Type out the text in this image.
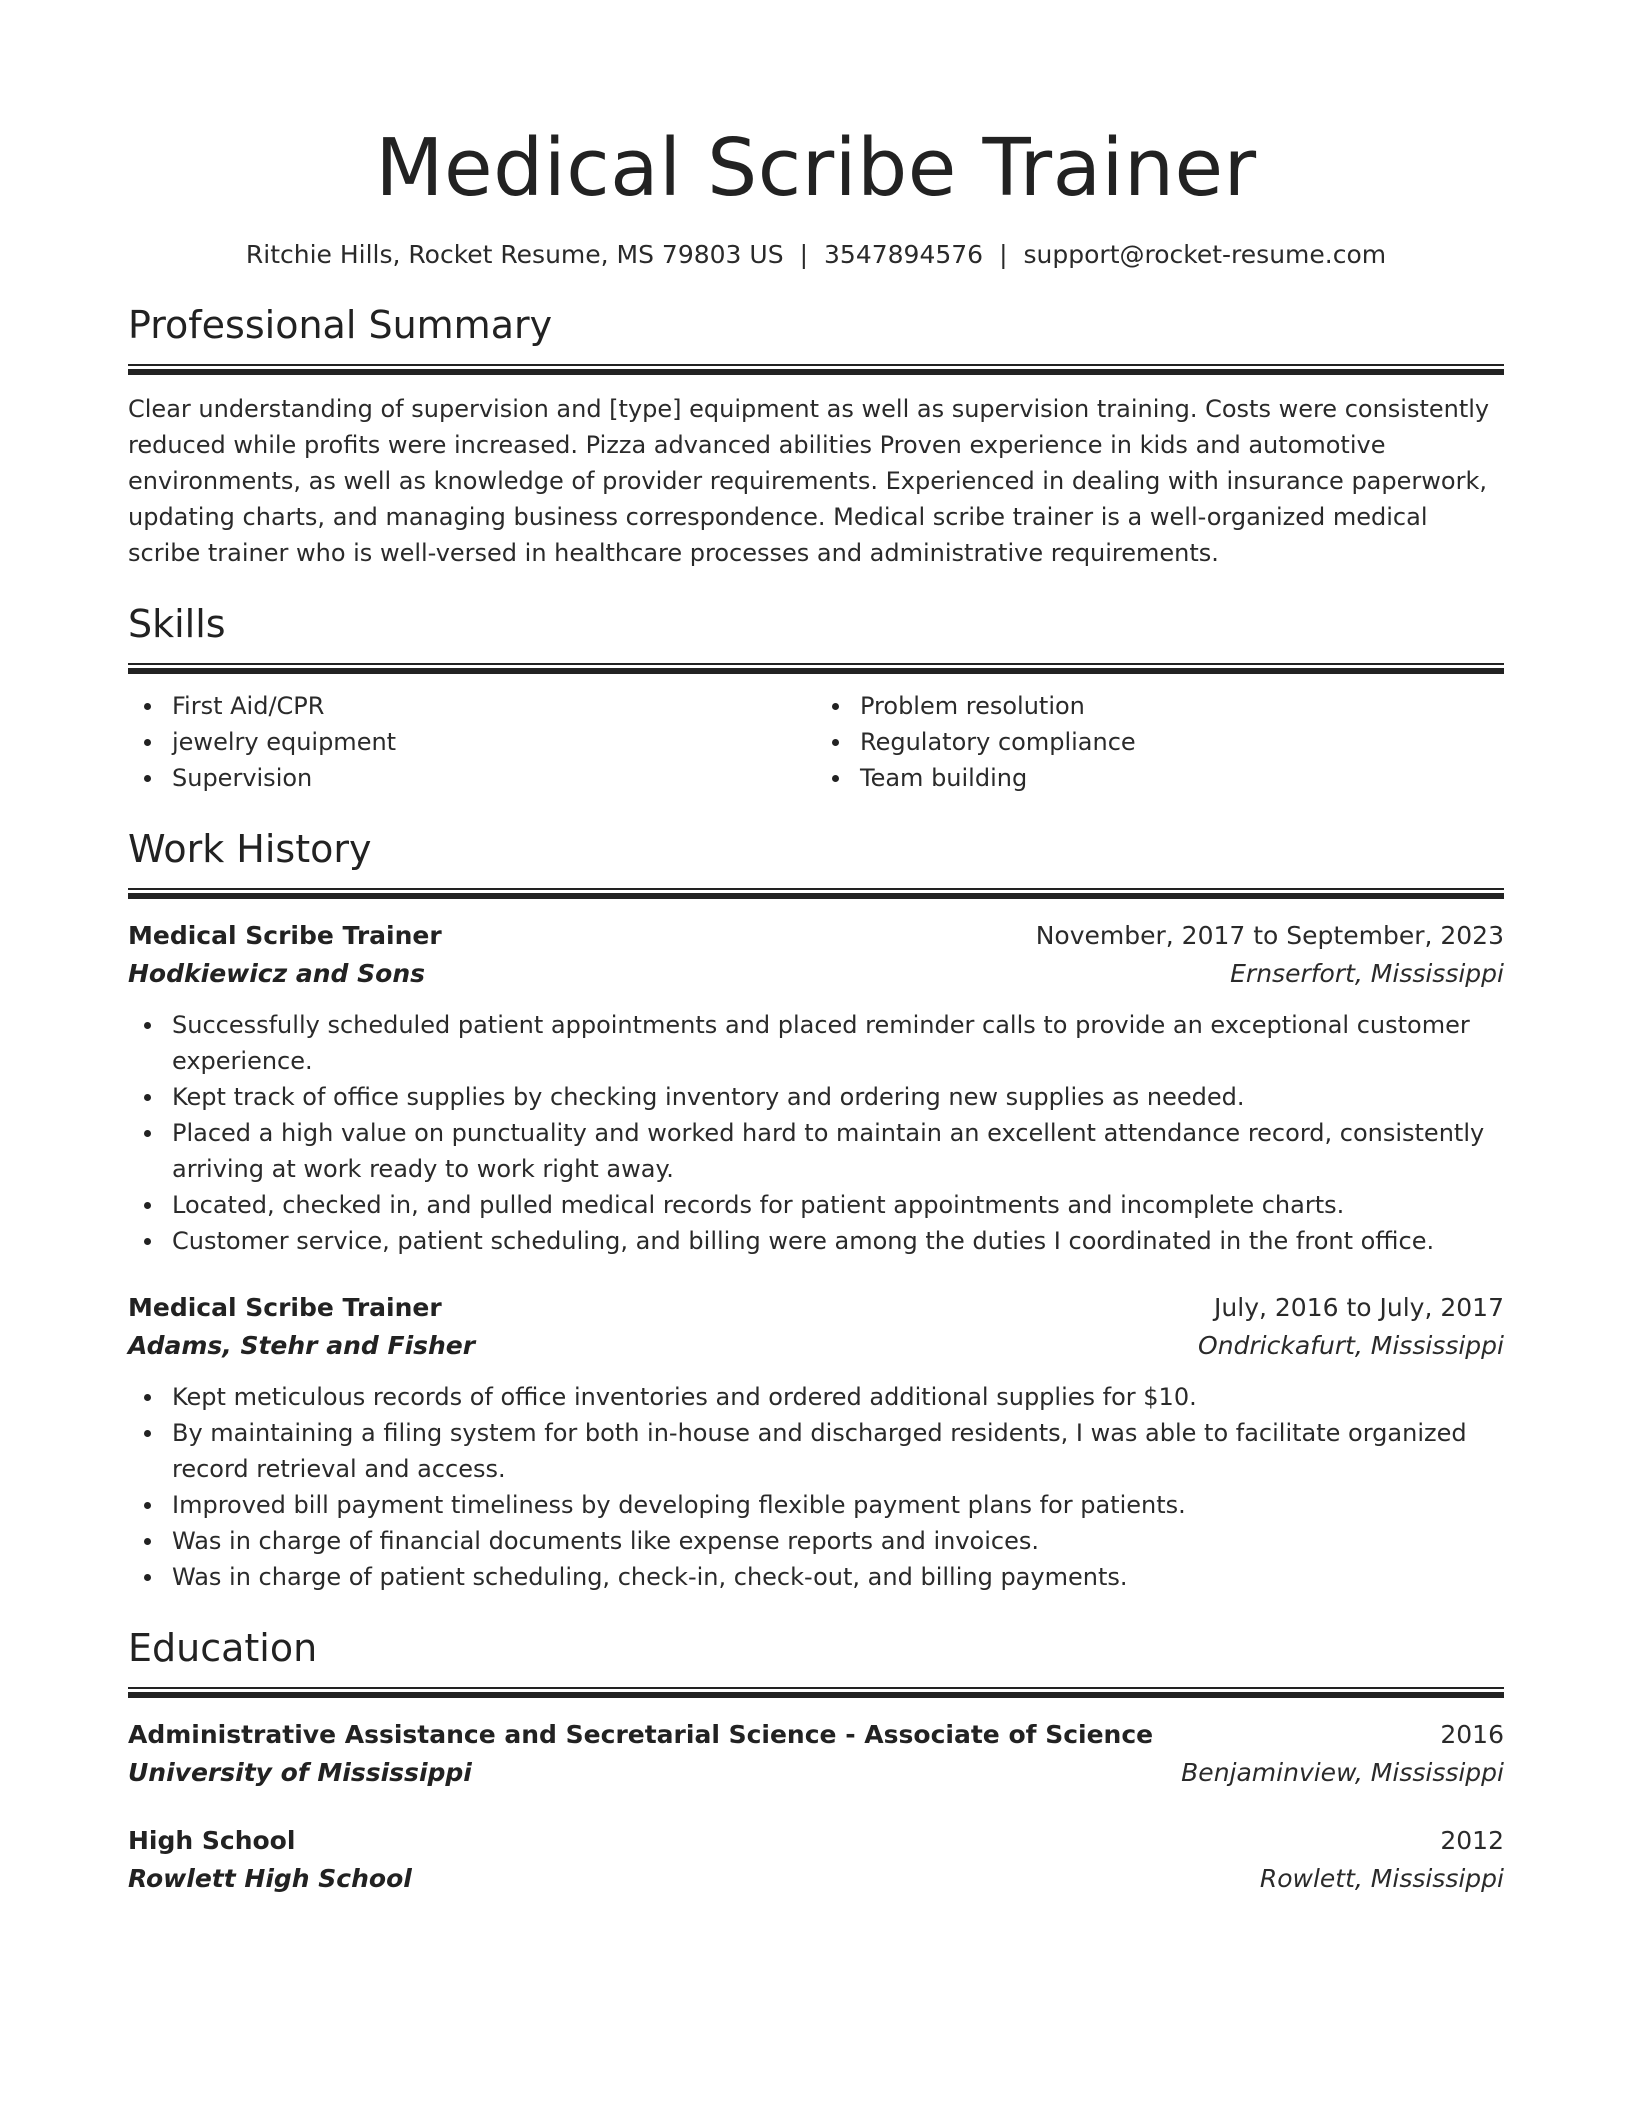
Medical Scribe Trainer
Ritchie Hills, Rocket Resume, MS 79803 US | 3547894576 | support@rocket-resume.com
Professional Summary
Clear understanding of supervision and [type] equipment as well as supervision training. Costs were consistently reduced while profits were increased. Pizza advanced abilities Proven experience in kids and automotive environments, as well as knowledge of provider requirements. Experienced in dealing with insurance paperwork, updating charts, and managing business correspondence. Medical scribe trainer is a well-organized medical scribe trainer who is well-versed in healthcare processes and administrative requirements.
Skills
First Aid/CPR
jewelry equipment
Supervision
Problem resolution
Regulatory compliance
Team building
Work History
Medical Scribe Trainer	November, 2017 to September, 2023
Hodkiewicz and Sons	Ernserfort, Mississippi
Successfully scheduled patient appointments and placed reminder calls to provide an exceptional customer experience.
Kept track of office supplies by checking inventory and ordering new supplies as needed.
Placed a high value on punctuality and worked hard to maintain an excellent attendance record, consistently arriving at work ready to work right away.
Located, checked in, and pulled medical records for patient appointments and incomplete charts.
Customer service, patient scheduling, and billing were among the duties I coordinated in the front office.
Medical Scribe Trainer	July, 2016 to July, 2017
Adams, Stehr and Fisher	Ondrickafurt, Mississippi
Kept meticulous records of office inventories and ordered additional supplies for $10.
By maintaining a filing system for both in-house and discharged residents, I was able to facilitate organized record retrieval and access.
Improved bill payment timeliness by developing flexible payment plans for patients.
Was in charge of financial documents like expense reports and invoices.
Was in charge of patient scheduling, check-in, check-out, and billing payments.
Education
Administrative Assistance and Secretarial Science - Associate of Science	2016
University of Mississippi	Benjaminview, Mississippi
High School	2012
Rowlett High School	Rowlett, Mississippi
